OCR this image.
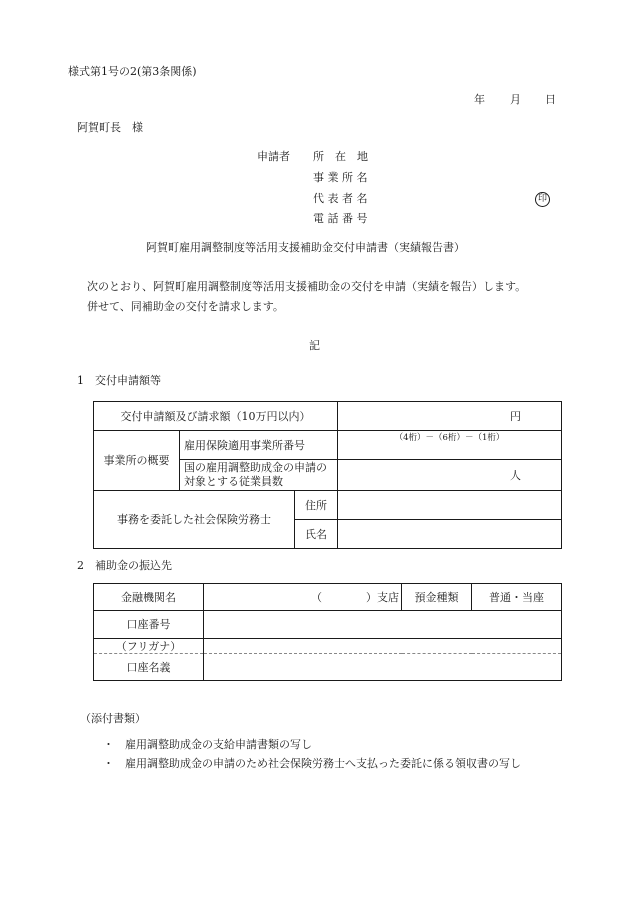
様式第1号の2(第3条関係)
年 月 日
阿賀町長　様
申請者 所　在　地
事 業 所 名
代 表 者 名
電 話 番 号
印
阿賀町雇用調整制度等活用支援補助金交付申請書（実績報告書）
次のとおり、阿賀町雇用調整制度等活用支援補助金の交付を申請（実績を報告）します。
併せて、同補助金の交付を請求します。
記
1　交付申請額等
交付申請額及び請求額（10万円以内）			円
事業所の概要	雇用保険適用事業所番号		（4桁）－（6桁）－（1桁）
	国の雇用調整助成金の申請の対象とする従業員数		人
事務を委託した社会保険労務士		住所	
		氏名	
2　補助金の振込先
金融機関名	（　　　　）支店	預金種類	普通・当座
口座番号			
（フリガナ）			
口座名義			
（添付書類）
・　雇用調整助成金の支給申請書類の写し
・　雇用調整助成金の申請のため社会保険労務士へ支払った委託に係る領収書の写し
